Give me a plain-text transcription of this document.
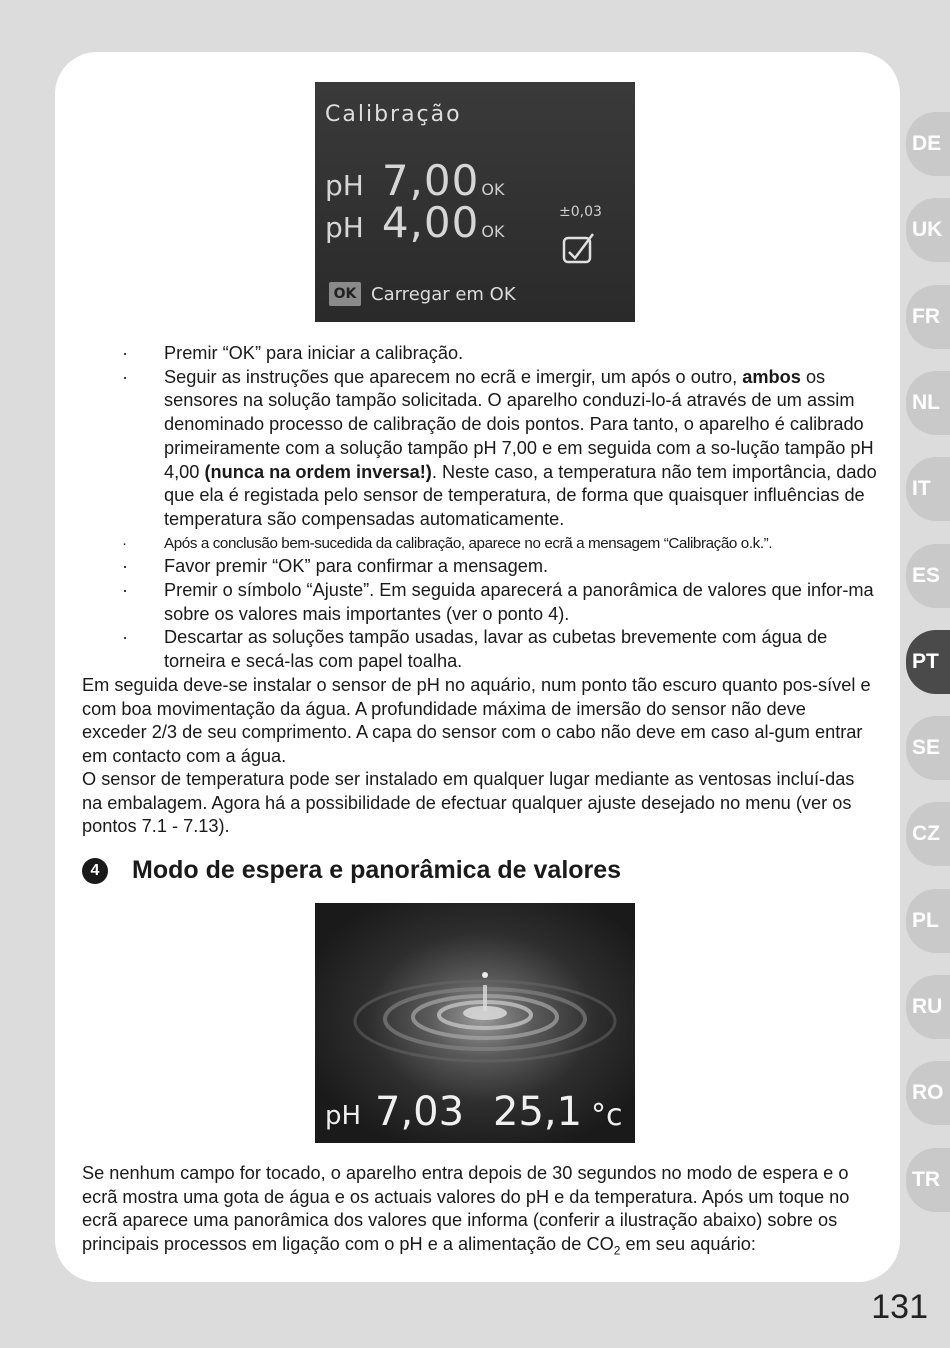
DE
UK
FR
NL
IT
ES
PT
SE
CZ
PL
RU
RO
TR
Calibração
pH 7,00 OK
pH 4,00 OK
±0,03
OK Carregar em OK
· Premir “OK” para iniciar a calibração.
· Seguir as instruções que aparecem no ecrã e imergir, um após o outro, ambos os sensores na solução tampão solicitada. O aparelho conduzi-lo-á através de um assim denominado processo de calibração de dois pontos. Para tanto, o aparelho é calibrado primeiramente com a solução tampão pH 7,00 e em seguida com a so-lução tampão pH 4,00 (nunca na ordem inversa!). Neste caso, a temperatura não tem importância, dado que ela é registada pelo sensor de temperatura, de forma que quaisquer influências de temperatura são compensadas automaticamente.
· Após a conclusão bem-sucedida da calibração, aparece no ecrã a mensagem “Calibração o.k.”.
· Favor premir “OK” para confirmar a mensagem.
· Premir o símbolo “Ajuste”. Em seguida aparecerá a panorâmica de valores que infor-ma sobre os valores mais importantes (ver o ponto 4).
· Descartar as soluções tampão usadas, lavar as cubetas brevemente com água de torneira e secá-las com papel toalha.

Em seguida deve-se instalar o sensor de pH no aquário, num ponto tão escuro quanto pos-sível e com boa movimentação da água. A profundidade máxima de imersão do sensor não deve exceder 2/3 de seu comprimento. A capa do sensor com o cabo não deve em caso al-gum entrar em contacto com a água.

O sensor de temperatura pode ser instalado em qualquer lugar mediante as ventosas incluí-das na embalagem. Agora há a possibilidade de efectuar qualquer ajuste desejado no menu (ver os pontos 7.1 - 7.13).

4	Modo de espera e panorâmica de valores
pH 7,03 25,1 °c

Se nenhum campo for tocado, o aparelho entra depois de 30 segundos no modo de espera e o ecrã mostra uma gota de água e os actuais valores do pH e da temperatura. Após um toque no ecrã aparece uma panorâmica dos valores que informa (conferir a ilustração abaixo) sobre os principais processos em ligação com o pH e a alimentação de $CO_2$ em seu aquário:

131
